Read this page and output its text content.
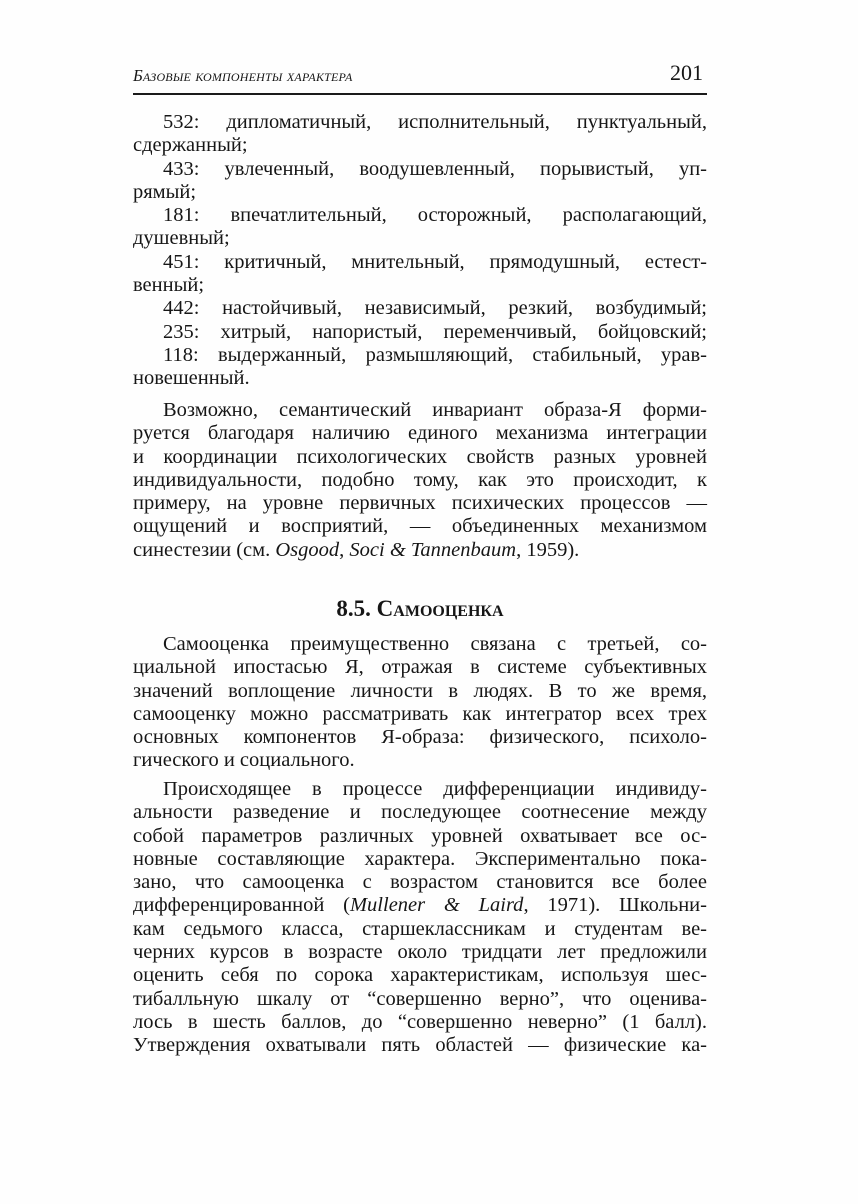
Базовые компоненты характера	201
532: дипломатичный, исполнительный, пунктуальный,
сдержанный;
433: увлеченный, воодушевленный, порывистый, уп-
рямый;
181: впечатлительный, осторожный, располагающий,
душевный;
451: критичный, мнительный, прямодушный, естест-
венный;
442: настойчивый, независимый, резкий, возбудимый;
235: хитрый, напористый, переменчивый, бойцовский;
118: выдержанный, размышляющий, стабильный, урав-
новешенный.
Возможно, семантический инвариант образа-Я форми-
руется благодаря наличию единого механизма интеграции
и координации психологических свойств разных уровней
индивидуальности, подобно тому, как это происходит, к
примеру, на уровне первичных психических процессов —
ощущений и восприятий, — объединенных механизмом
синестезии (см. Osgood, Soci & Tannenbaum, 1959).
8.5. Самооценка
Самооценка преимущественно связана с третьей, со-
циальной ипостасью Я, отражая в системе субъективных
значений воплощение личности в людях. В то же время,
самооценку можно рассматривать как интегратор всех трех
основных компонентов Я-образа: физического, психоло-
гического и социального.
Происходящее в процессе дифференциации индивиду-
альности разведение и последующее соотнесение между
собой параметров различных уровней охватывает все ос-
новные составляющие характера. Экспериментально пока-
зано, что самооценка с возрастом становится все более
дифференцированной (Mullener & Laird, 1971). Школьни-
кам седьмого класса, старшеклассникам и студентам ве-
черних курсов в возрасте около тридцати лет предложили
оценить себя по сорока характеристикам, используя шес-
тибалльную шкалу от “совершенно верно”, что оценива-
лось в шесть баллов, до “совершенно неверно” (1 балл).
Утверждения охватывали пять областей — физические ка-
